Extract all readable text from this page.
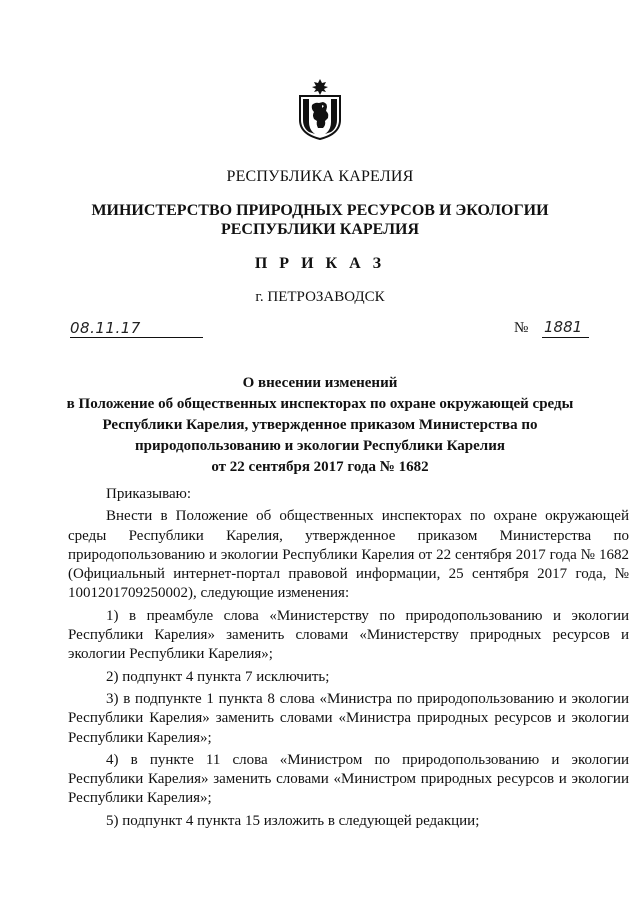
РЕСПУБЛИКА КАРЕЛИЯ
МИНИСТЕРСТВО ПРИРОДНЫХ РЕСУРСОВ И ЭКОЛОГИИ
РЕСПУБЛИКИ КАРЕЛИЯ
П Р И К А З
г. ПЕТРОЗАВОДСК
08.11.17	№ 1881
О внесении изменений
в Положение об общественных инспекторах по охране окружающей среды
Республики Карелия, утвержденное приказом Министерства по
природопользованию и экологии Республики Карелия
от 22 сентября 2017 года № 1682

Приказываю:

Внести в Положение об общественных инспекторах по охране окружающей среды Республики Карелия, утвержденное приказом Министерства по природопользованию и экологии Республики Карелия от 22 сентября 2017 года № 1682 (Официальный интернет-портал правовой информации, 25 сентября 2017 года, № 1001201709250002), следующие изменения:

1) в преамбуле слова «Министерству по природопользованию и экологии Республики Карелия» заменить словами «Министерству природных ресурсов и экологии Республики Карелия»;

2) подпункт 4 пункта 7 исключить;

3) в подпункте 1 пункта 8 слова «Министра по природопользованию и экологии Республики Карелия» заменить словами «Министра природных ресурсов и экологии Республики Карелия»;

4) в пункте 11 слова «Министром по природопользованию и экологии Республики Карелия» заменить словами «Министром природных ресурсов и экологии Республики Карелия»;

5) подпункт 4 пункта 15 изложить в следующей редакции;
